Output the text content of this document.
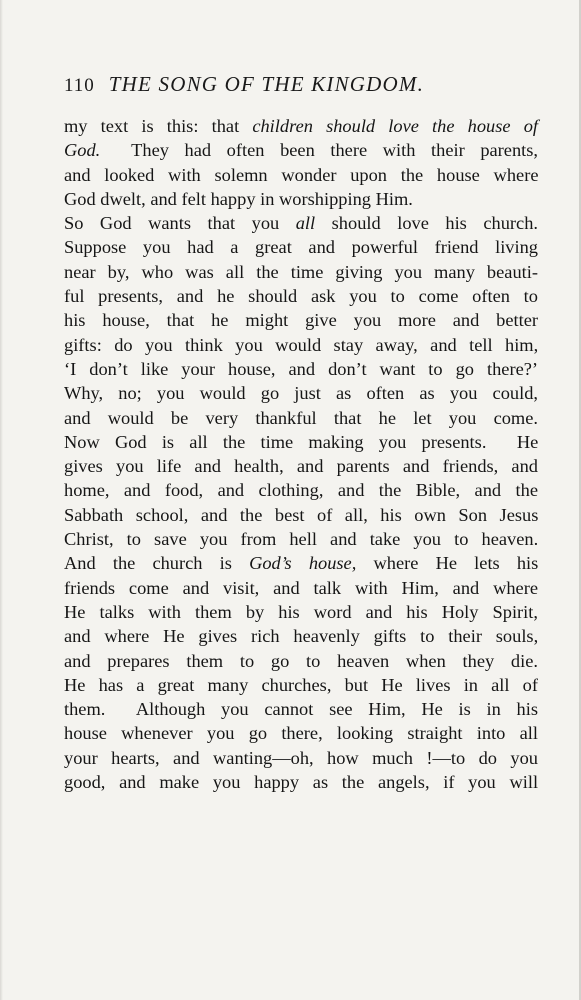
110 THE SONG OF THE KINGDOM.
my text is this: that children should love the house of
God.  They had often been there with their parents,
and looked with solemn wonder upon the house where
God dwelt, and felt happy in worshipping Him.
So God wants that you all should love his church.
Suppose you had a great and powerful friend living
near by, who was all the time giving you many beauti-
ful presents, and he should ask you to come often to
his house, that he might give you more and better
gifts: do you think you would stay away, and tell him,
‘I don’t like your house, and don’t want to go there?’
Why, no; you would go just as often as you could,
and would be very thankful that he let you come.
Now God is all the time making you presents.  He
gives you life and health, and parents and friends, and
home, and food, and clothing, and the Bible, and the
Sabbath school, and the best of all, his own Son Jesus
Christ, to save you from hell and take you to heaven.
And the church is God’s house, where He lets his
friends come and visit, and talk with Him, and where
He talks with them by his word and his Holy Spirit,
and where He gives rich heavenly gifts to their souls,
and prepares them to go to heaven when they die.
He has a great many churches, but He lives in all of
them.  Although you cannot see Him, He is in his
house whenever you go there, looking straight into all
your hearts, and wanting—oh, how much !—to do you
good, and make you happy as the angels, if you will
